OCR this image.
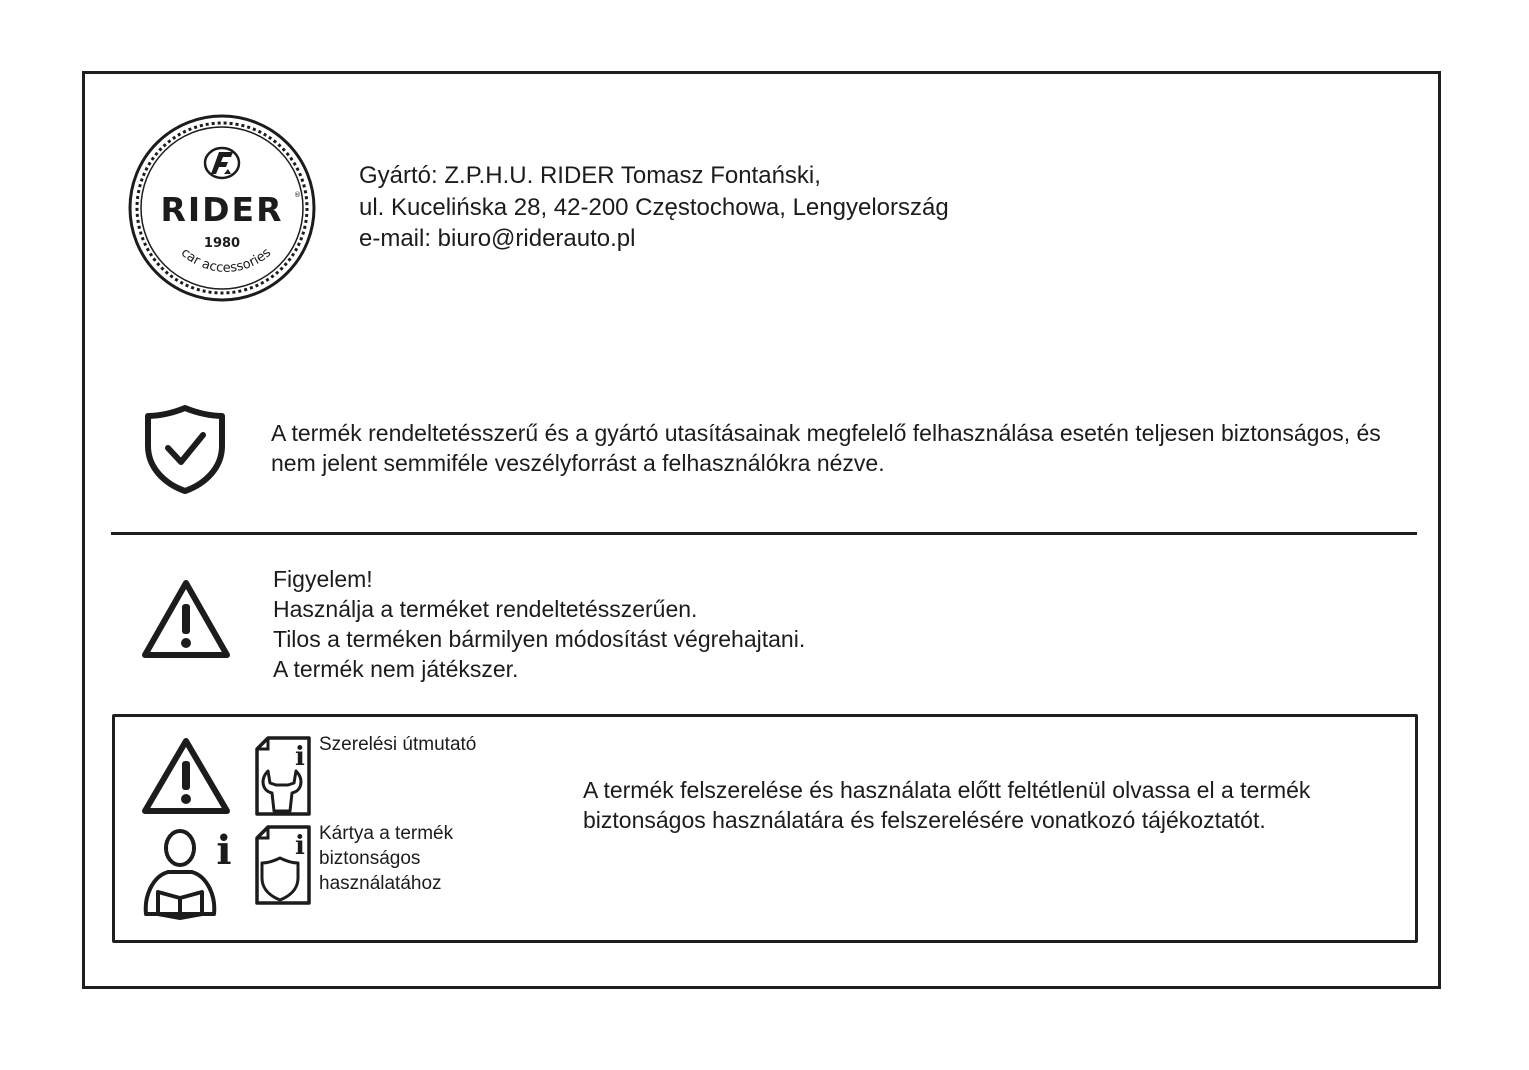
RIDER ®
1980
car accessories
Gyártó: Z.P.H.U. RIDER Tomasz Fontański,
ul. Kucelińska 28, 42-200 Częstochowa, Lengyelország
e-mail: biuro@riderauto.pl
A termék rendeltetésszerű és a gyártó utasításainak megfelelő felhasználása esetén teljesen biztonságos, és nem jelent semmiféle veszélyforrást a felhasználókra nézve.
Figyelem!
Használja a terméket rendeltetésszerűen.
Tilos a terméken bármilyen módosítást végrehajtani.
A termék nem játékszer.
i
i Szerelési útmutató
i Kártya a termék biztonságos használatához
A termék felszerelése és használata előtt feltétlenül olvassa el a termék biztonságos használatára és felszerelésére vonatkozó tájékoztatót.
